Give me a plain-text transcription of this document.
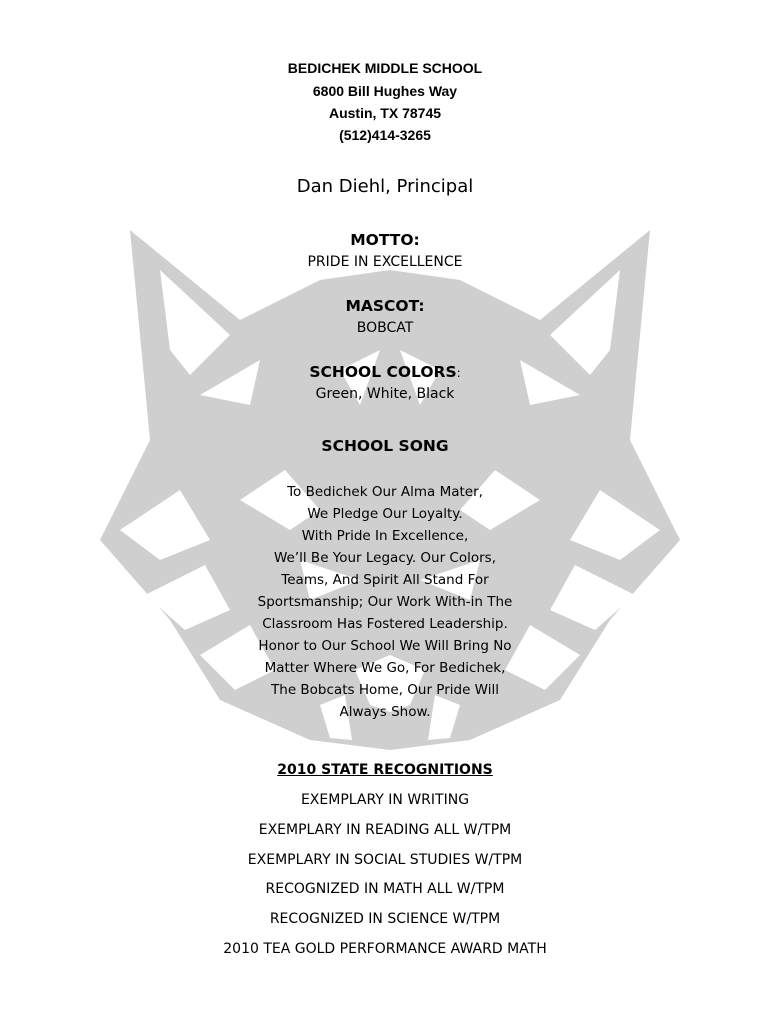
BEDICHEK MIDDLE SCHOOL
6800 Bill Hughes Way
Austin, TX 78745
(512)414-3265
Dan Diehl, Principal
MOTTO:
PRIDE IN EXCELLENCE
MASCOT:
BOBCAT
SCHOOL COLORS:
Green, White, Black
SCHOOL SONG
To Bedichek Our Alma Mater,
We Pledge Our Loyalty.
With Pride In Excellence,
We’ll Be Your Legacy. Our Colors,
Teams, And Spirit All Stand For
Sportsmanship; Our Work With-in The
Classroom Has Fostered Leadership.
Honor to Our School We Will Bring No
Matter Where We Go, For Bedichek,
The Bobcats Home, Our Pride Will
Always Show.
2010 STATE RECOGNITIONS
EXEMPLARY IN WRITING
EXEMPLARY IN READING ALL W/TPM
EXEMPLARY IN SOCIAL STUDIES W/TPM
RECOGNIZED IN MATH ALL W/TPM
RECOGNIZED IN SCIENCE W/TPM
2010 TEA GOLD PERFORMANCE AWARD MATH
